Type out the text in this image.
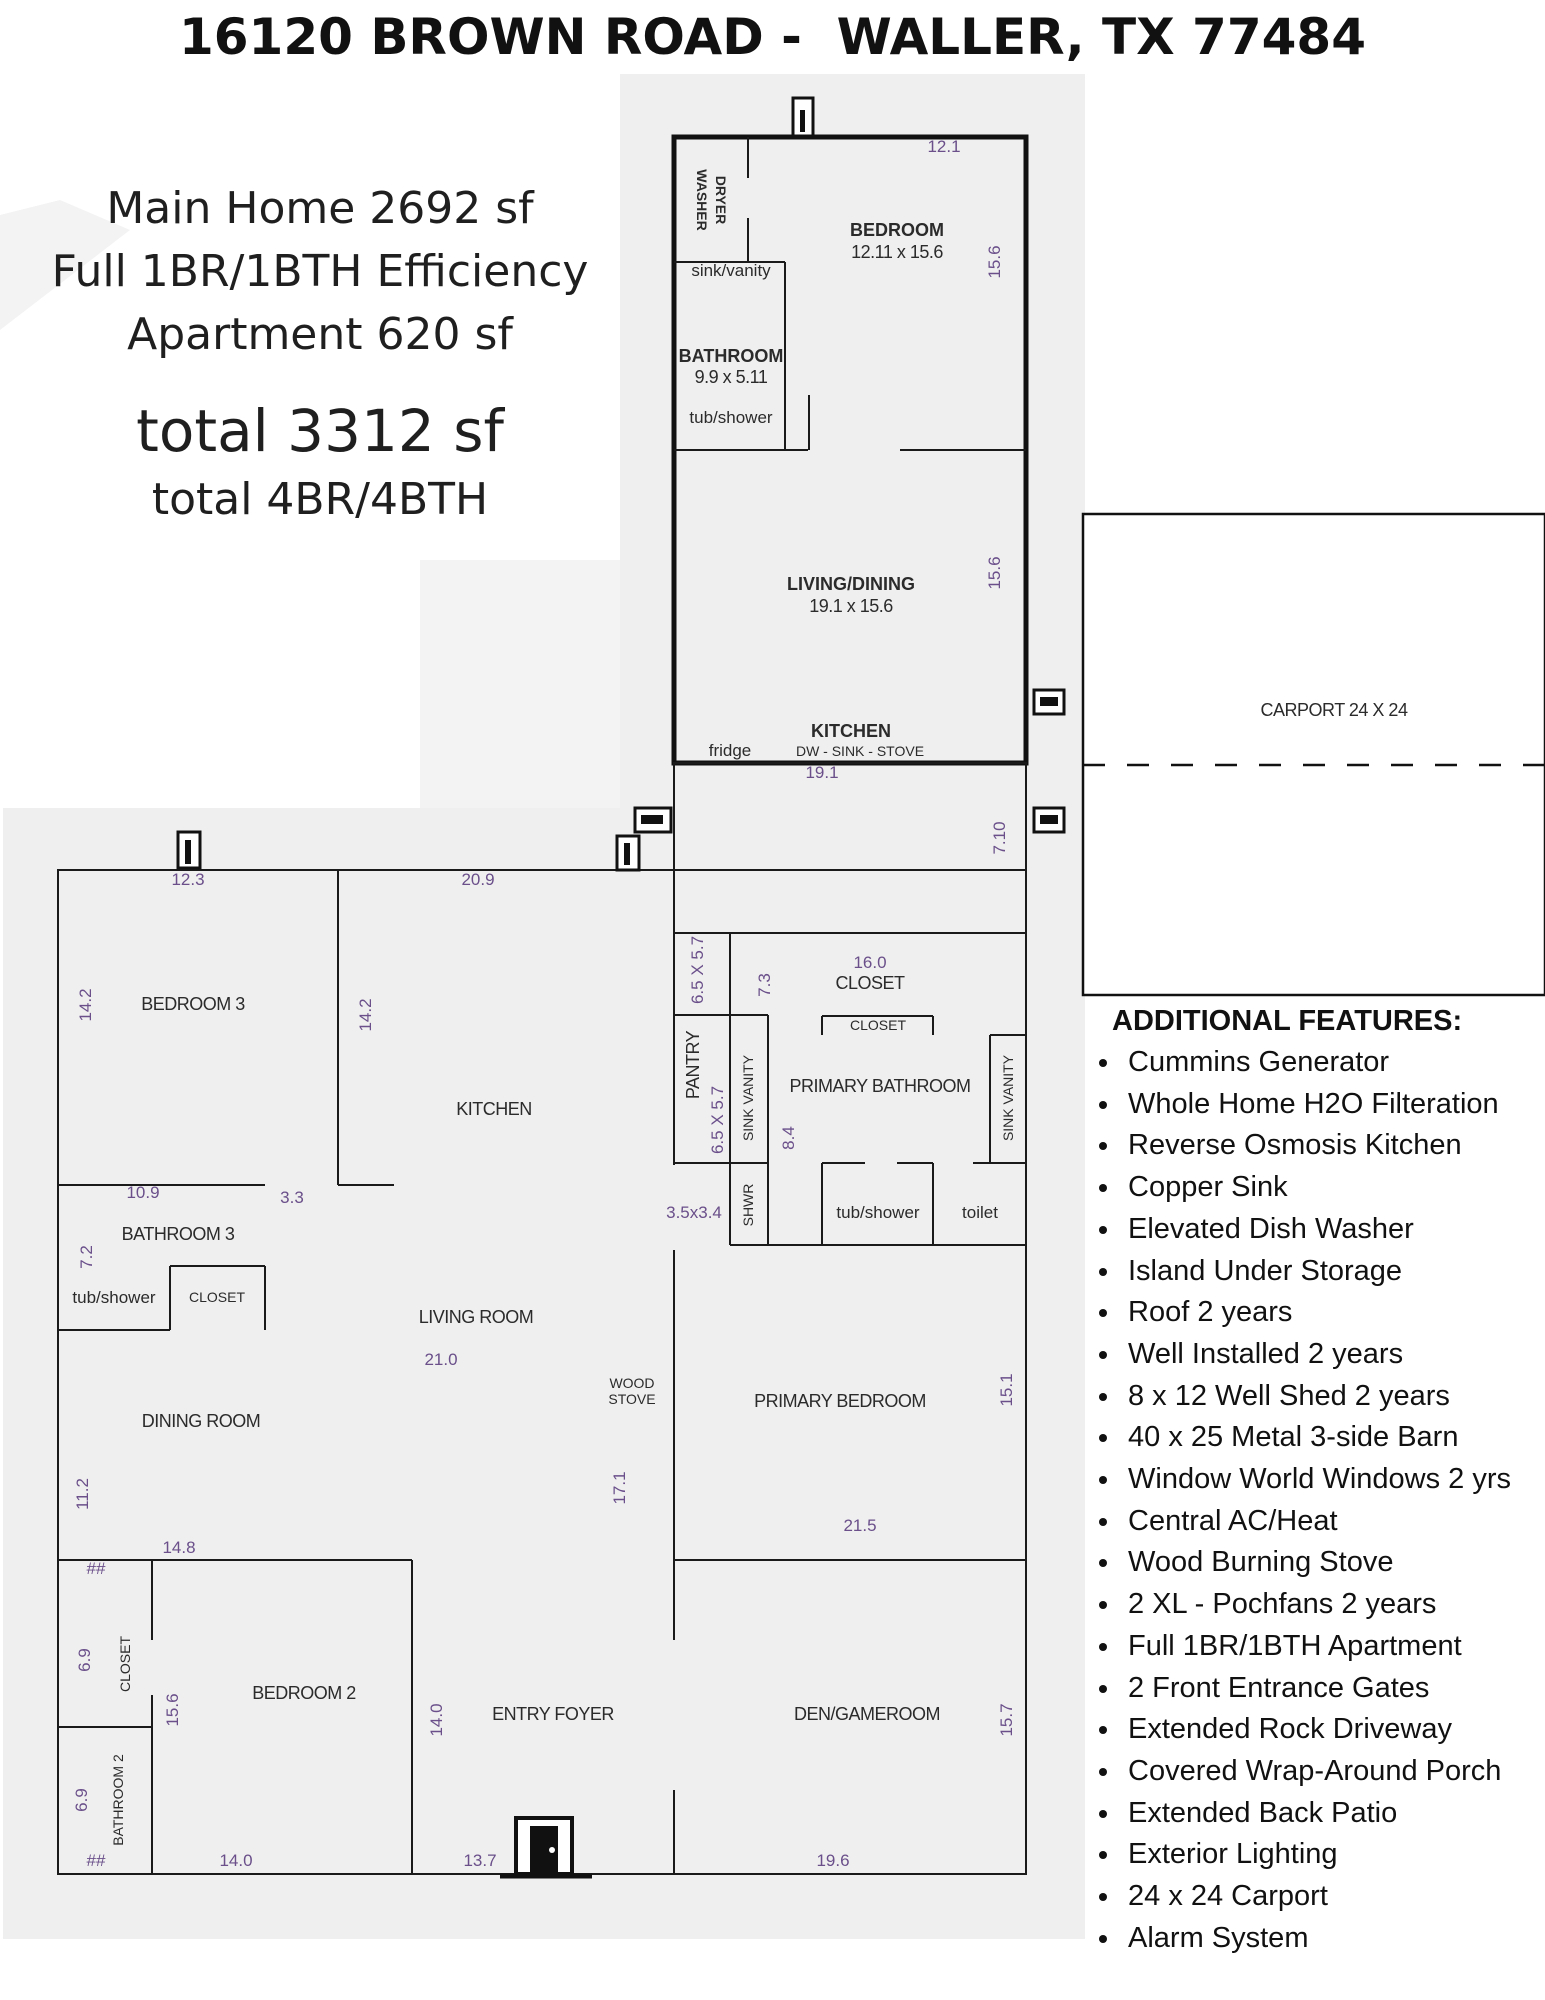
16120 BROWN ROAD -  WALLER, TX 77484
WASHER DRYER
BEDROOM
12.11 x 15.6
12.1
15.6
sink/vanity
BATHROOM
9.9 x 5.11
tub/shower
LIVING/DINING
19.1 x 15.6
15.6
KITCHEN
DW - SINK - STOVE
fridge
19.1
CARPORT 24 X 24
12.3	20.9
7.10
BEDROOM 3
14.2	14.2
KITCHEN
10.9	3.3
BATHROOM 3
7.2
tub/shower CLOSET
LIVING ROOM
21.0
WOOD
STOVE
DINING ROOM
11.2
14.8
17.1
6.5 X 5.7
PANTRY
6.5 X 5.7 SINK VANITY
SHWR
3.5x3.4
7.3
16.0
CLOSET
CLOSET
PRIMARY BATHROOM
8.4	SINK VANITY
tub/shower toilet
PRIMARY BEDROOM	15.1
21.5
##
6.9 CLOSET
15.6
BEDROOM 2
6.9 BATHROOM 2
##	14.0
14.0	ENTRY FOYER
13.7
DEN/GAMEROOM	15.7
19.6
Main Home 2692 sf
Full 1BR/1BTH Efficiency
Apartment 620 sf
total 3312 sf
total 4BR/4BTH
ADDITIONAL FEATURES:
• Cummins Generator
• Whole Home H2O Filteration
• Reverse Osmosis Kitchen
• Copper Sink
• Elevated Dish Washer
• Island Under Storage
• Roof 2 years
• Well Installed 2 years
• 8 x 12 Well Shed 2 years
• 40 x 25 Metal 3-side Barn
• Window World Windows 2 yrs
• Central AC/Heat
• Wood Burning Stove
• 2 XL - Pochfans 2 years
• Full 1BR/1BTH Apartment
• 2 Front Entrance Gates
• Extended Rock Driveway
• Covered Wrap-Around Porch
• Extended Back Patio
• Exterior Lighting
• 24 x 24 Carport
• Alarm System
